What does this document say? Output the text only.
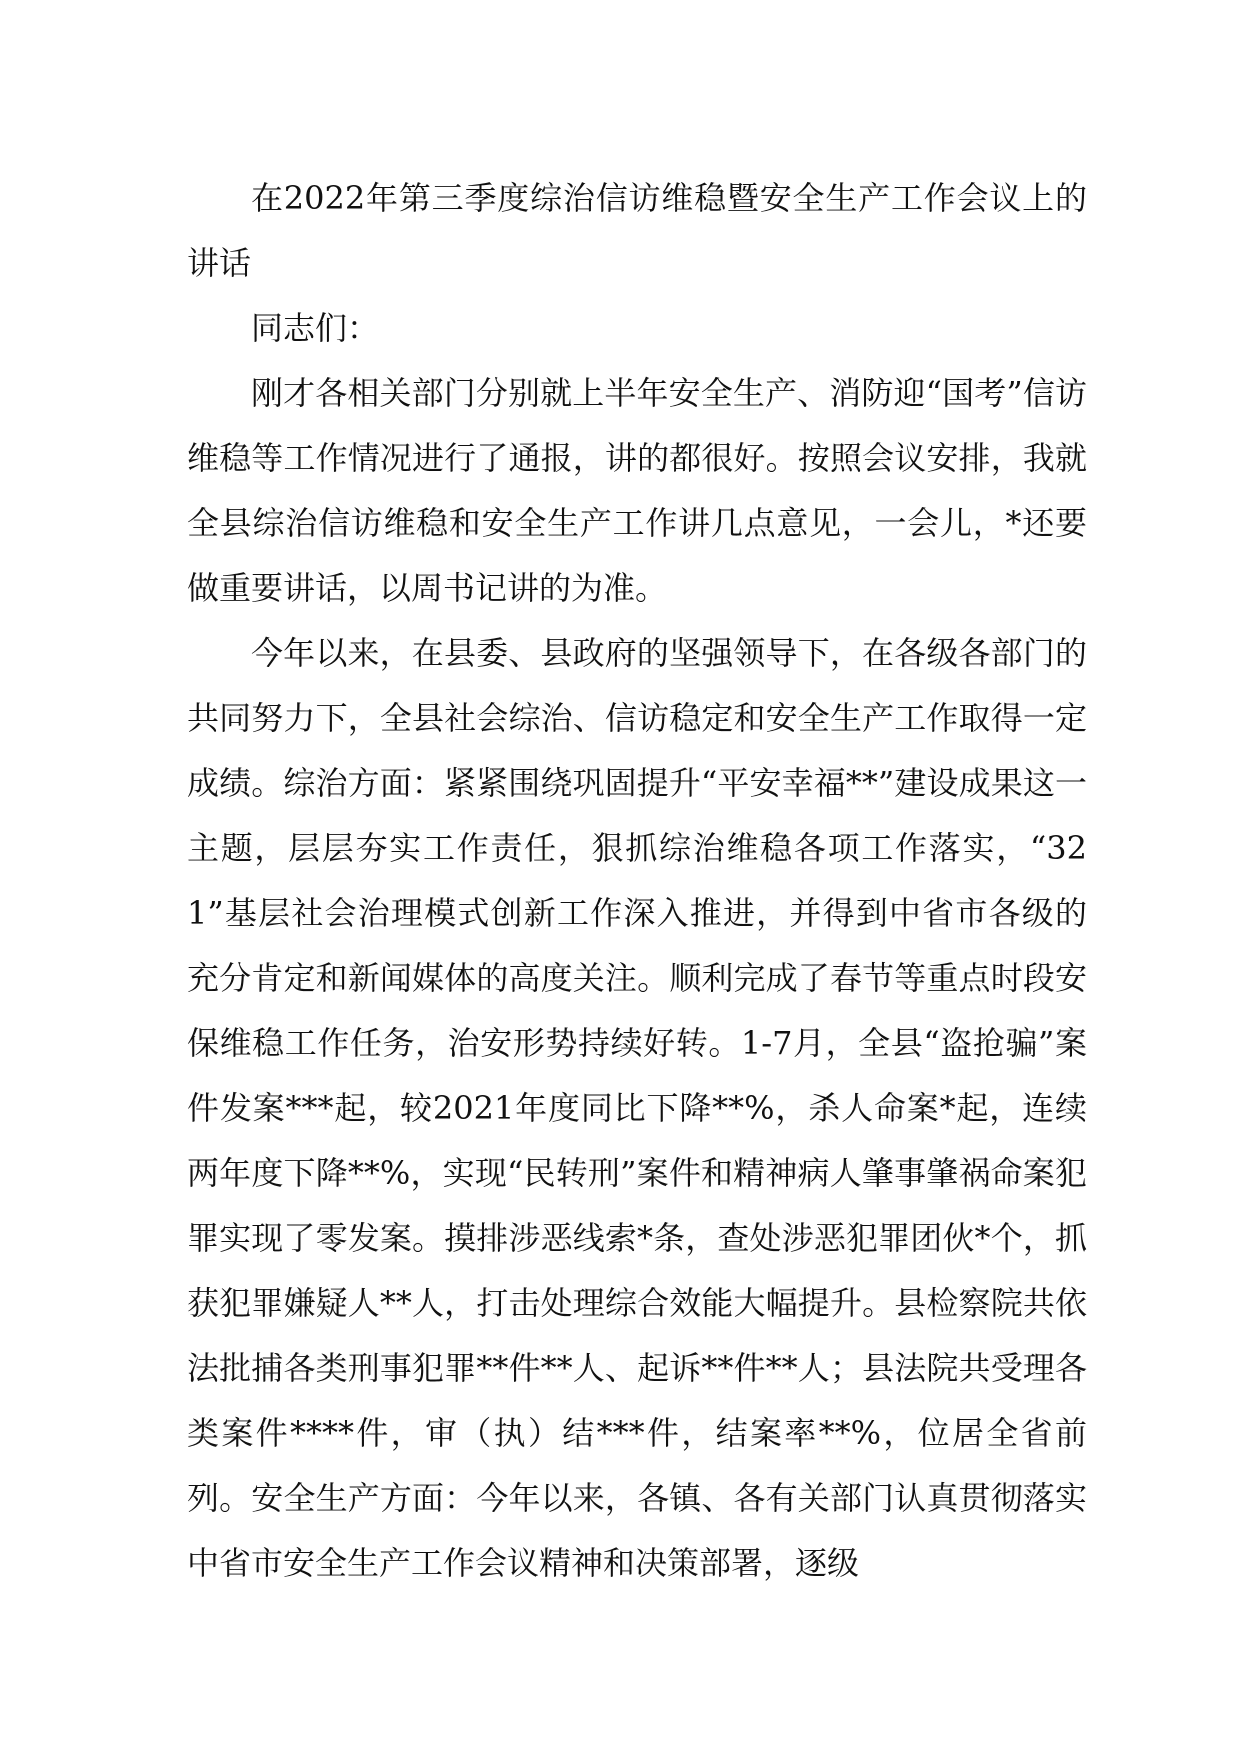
在2022年第三季度综治信访维稳暨安全生产工作会议上的讲话

同志们：

刚才各相关部门分别就上半年安全生产、消防迎“国考”信访维稳等工作情况进行了通报，讲的都很好。按照会议安排，我就全县综治信访维稳和安全生产工作讲几点意见，一会儿，*还要做重要讲话，以周书记讲的为准。

今年以来，在县委、县政府的坚强领导下，在各级各部门的共同努力下，全县社会综治、信访稳定和安全生产工作取得一定成绩。综治方面：紧紧围绕巩固提升“平安幸福**”建设成果这一主题，层层夯实工作责任，狠抓综治维稳各项工作落实，“321”基层社会治理模式创新工作深入推进，并得到中省市各级的充分肯定和新闻媒体的高度关注。顺利完成了春节等重点时段安保维稳工作任务，治安形势持续好转。1-7月，全县“盗抢骗”案件发案***起，较2021年度同比下降**%，杀人命案*起，连续两年度下降**%，实现“民转刑”案件和精神病人肇事肇祸命案犯罪实现了零发案。摸排涉恶线索*条，查处涉恶犯罪团伙*个，抓获犯罪嫌疑人**人，打击处理综合效能大幅提升。县检察院共依法批捕各类刑事犯罪**件**人、起诉**件**人；县法院共受理各类案件****件，审（执）结***件，结案率**%，位居全省前列。安全生产方面：今年以来，各镇、各有关部门认真贯彻落实中省市安全生产工作会议精神和决策部署，逐级
